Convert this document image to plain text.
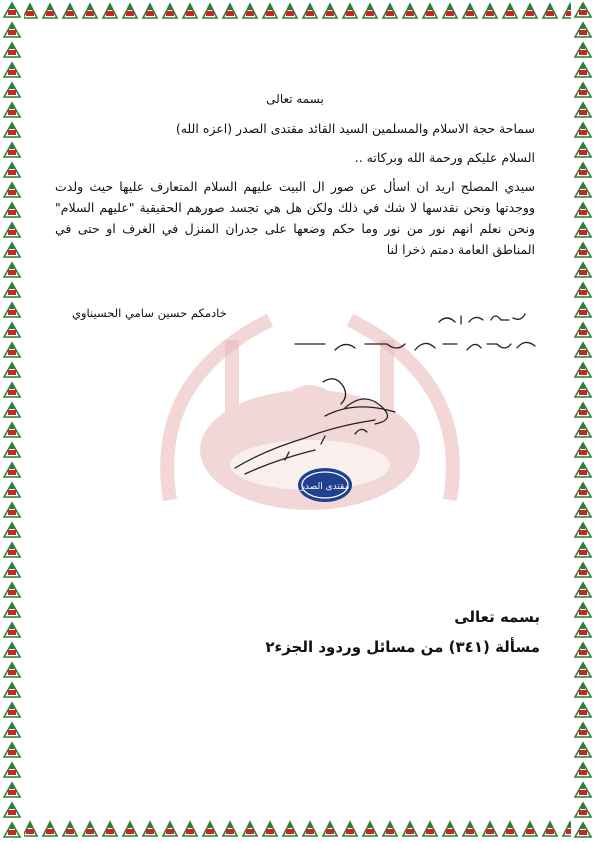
بسمه تعالى

سماحة حجة الاسلام والمسلمين السيد القائد مقتدى الصدر (اعزه الله)

السلام عليكم ورحمة الله وبركاته ..

سيدي المصلح اريد ان اسأل عن صور ال البيت عليهم السلام المتعارف عليها حيث ولدت ووجدتها ونحن نقدسها لا شك في ذلك ولكن هل هي تجسد صورهم الحقيقية "عليهم السلام" ونحن نعلم انهم نور من نور وما حكم وضعها على جدران المنزل في الغرف او حتى في المناطق العامة دمتم ذخرا لنا

خادمكم حسين سامي الحسيناوي
مقتدى الصدر
بسمه تعالى
مسألة (٣٤١) من مسائل وردود الجزء٢
